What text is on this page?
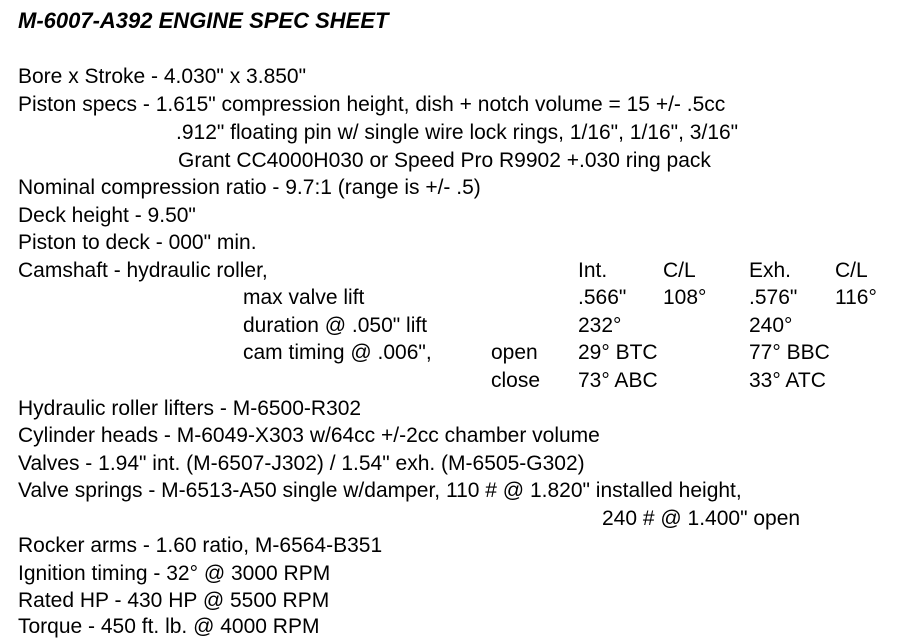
M-6007-A392 ENGINE SPEC SHEET
Bore x Stroke - 4.030" x 3.850"
Piston specs - 1.615" compression height, dish + notch volume = 15 +/- .5cc
.912" floating pin w/ single wire lock rings, 1/16", 1/16", 3/16"
Grant CC4000H030 or Speed Pro R9902 +.030 ring pack
Nominal compression ratio - 9.7:1 (range is +/- .5)
Deck height - 9.50"
Piston to deck - 000" min.
Camshaft - hydraulic roller,	Int.	C/L	Exh. C/L
max valve lift	.566" 108° .576" 116°
duration @ .050" lift	232°	240°
cam timing @ .006",	open 29° BTC	77° BBC
close 73° ABC	33° ATC
Hydraulic roller lifters - M-6500-R302
Cylinder heads - M-6049-X303 w/64cc +/-2cc chamber volume
Valves - 1.94" int. (M-6507-J302) / 1.54" exh. (M-6505-G302)
Valve springs - M-6513-A50 single w/damper, 110 # @ 1.820" installed height,
240 # @ 1.400" open
Rocker arms - 1.60 ratio, M-6564-B351
Ignition timing - 32° @ 3000 RPM
Rated HP - 430 HP @ 5500 RPM
Torque - 450 ft. lb. @ 4000 RPM
